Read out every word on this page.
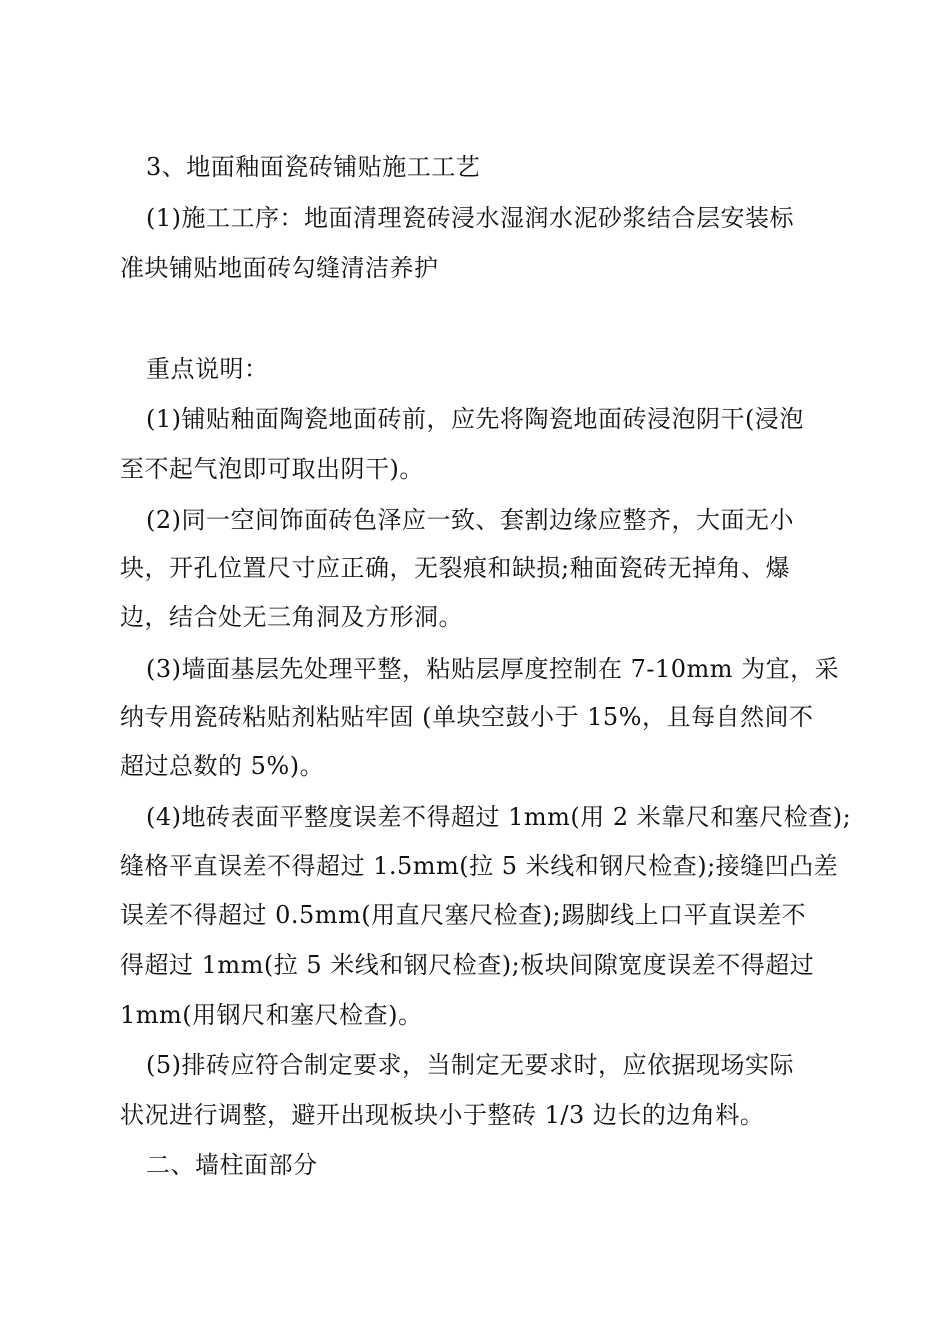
3、地面釉面瓷砖铺贴施工工艺
(1)施工工序：地面清理瓷砖浸水湿润水泥砂浆结合层安装标
准块铺贴地面砖勾缝清洁养护
重点说明：
(1)铺贴釉面陶瓷地面砖前，应先将陶瓷地面砖浸泡阴干(浸泡
至不起气泡即可取出阴干)。
(2)同一空间饰面砖色泽应一致、套割边缘应整齐，大面无小
块，开孔位置尺寸应正确，无裂痕和缺损;釉面瓷砖无掉角、爆
边，结合处无三角洞及方形洞。
(3)墙面基层先处理平整，粘贴层厚度控制在 7-10mm 为宜，采
纳专用瓷砖粘贴剂粘贴牢固 (单块空鼓小于 15%，且每自然间不
超过总数的 5%)。
(4)地砖表面平整度误差不得超过 1mm(用 2 米靠尺和塞尺检查);
缝格平直误差不得超过 1.5mm(拉 5 米线和钢尺检查);接缝凹凸差
误差不得超过 0.5mm(用直尺塞尺检查);踢脚线上口平直误差不
得超过 1mm(拉 5 米线和钢尺检查);板块间隙宽度误差不得超过
1mm(用钢尺和塞尺检查)。
(5)排砖应符合制定要求，当制定无要求时，应依据现场实际
状况进行调整，避开出现板块小于整砖 1/3 边长的边角料。
二、墙柱面部分
